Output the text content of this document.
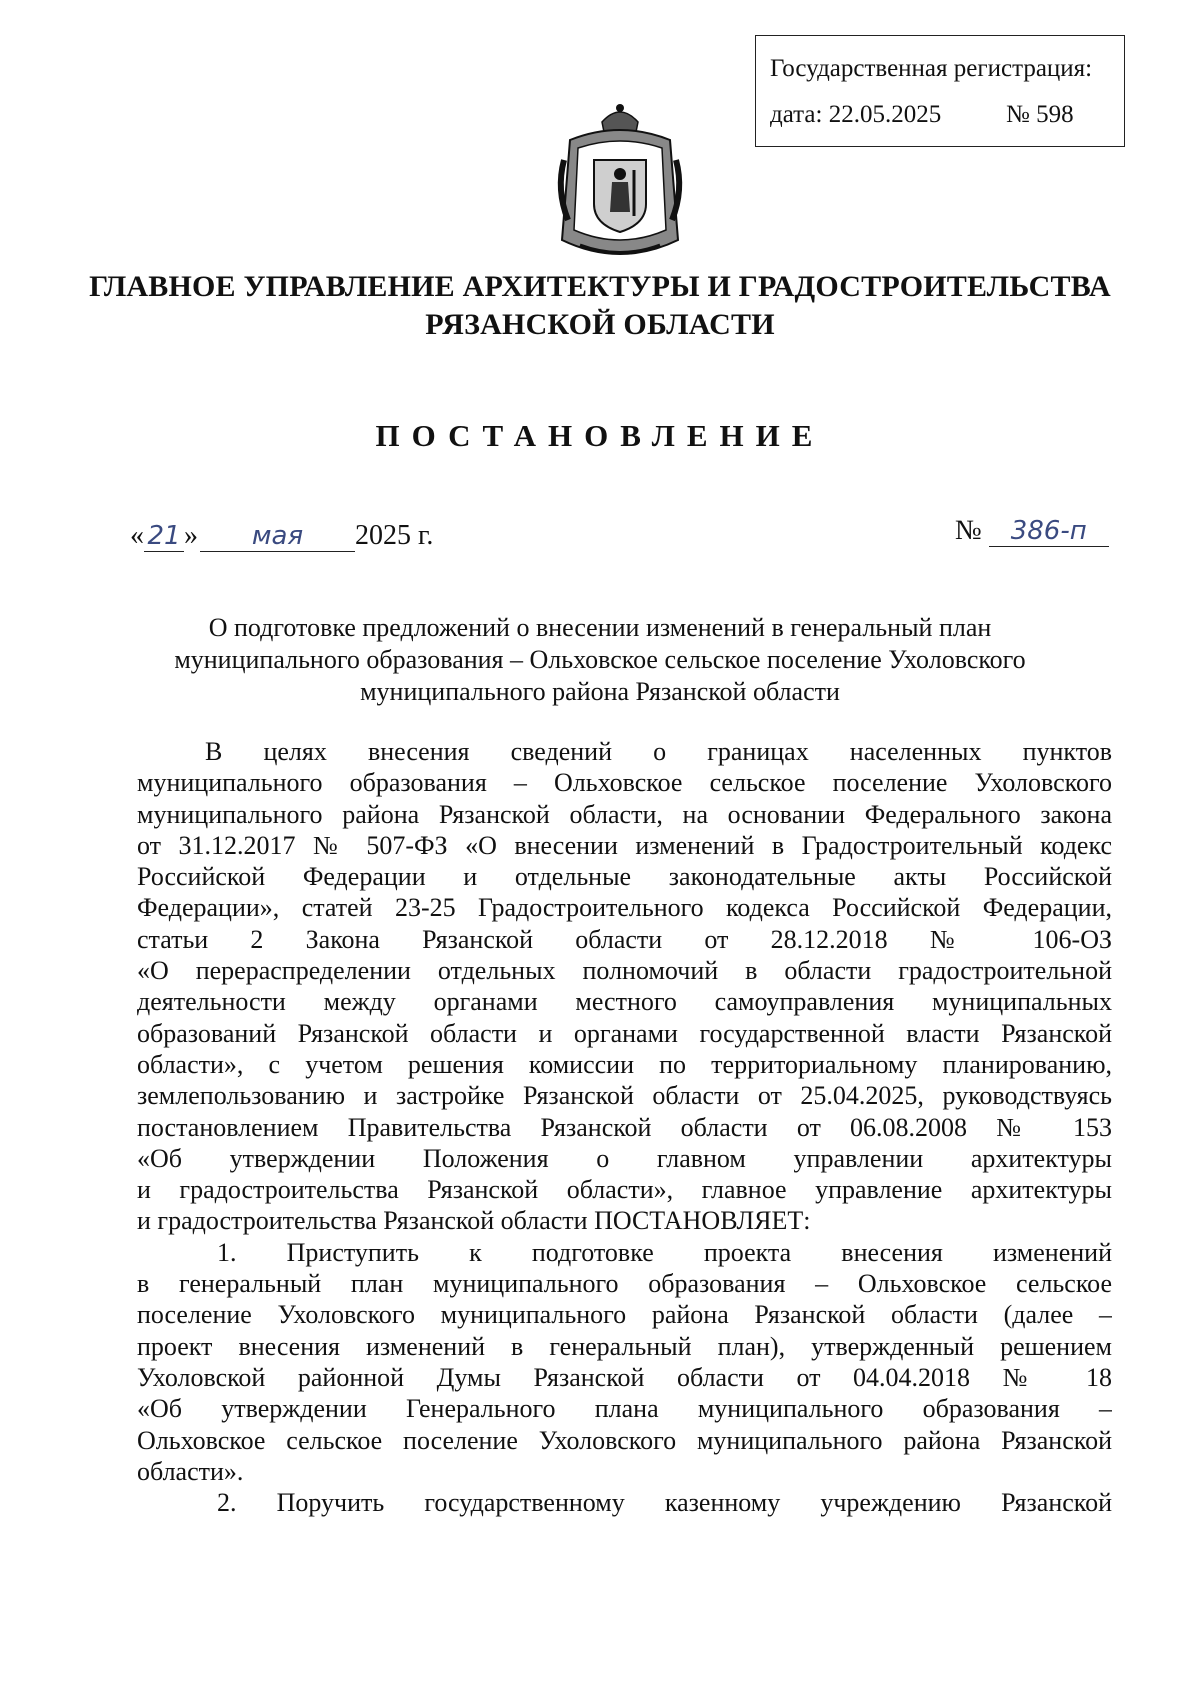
Государственная регистрация:
дата: 22.05.2025	№ 598
ГЛАВНОЕ УПРАВЛЕНИЕ АРХИТЕКТУРЫ И ГРАДОСТРОИТЕЛЬСТВА
РЯЗАНСКОЙ ОБЛАСТИ
ПОСТАНОВЛЕНИЕ
« 21 » мая 2025 г.	№ 386-п
О подготовке предложений о внесении изменений в генеральный план
муниципального образования – Ольховское сельское поселение Ухоловского
муниципального района Рязанской области
В целях внесения сведений о границах населенных пунктов
муниципального образования – Ольховское сельское поселение Ухоловского
муниципального района Рязанской области, на основании Федерального закона
от 31.12.2017 № 507-ФЗ «О внесении изменений в Градостроительный кодекс
Российской Федерации и отдельные законодательные акты Российской
Федерации», статей 23-25 Градостроительного кодекса Российской Федерации,
статьи 2 Закона Рязанской области от 28.12.2018 № 106-ОЗ
«О перераспределении отдельных полномочий в области градостроительной
деятельности между органами местного самоуправления муниципальных
образований Рязанской области и органами государственной власти Рязанской
области», с учетом решения комиссии по территориальному планированию,
землепользованию и застройке Рязанской области от 25.04.2025, руководствуясь
постановлением Правительства Рязанской области от 06.08.2008 № 153
«Об утверждении Положения о главном управлении архитектуры
и градостроительства Рязанской области», главное управление архитектуры
и градостроительства Рязанской области ПОСТАНОВЛЯЕТ:
1. Приступить к подготовке проекта внесения изменений
в генеральный план муниципального образования – Ольховское сельское
поселение Ухоловского муниципального района Рязанской области (далее –
проект внесения изменений в генеральный план), утвержденный решением
Ухоловской районной Думы Рязанской области от 04.04.2018 № 18
«Об утверждении Генерального плана муниципального образования –
Ольховское сельское поселение Ухоловского муниципального района Рязанской
области».
2. Поручить государственному казенному учреждению Рязанской
